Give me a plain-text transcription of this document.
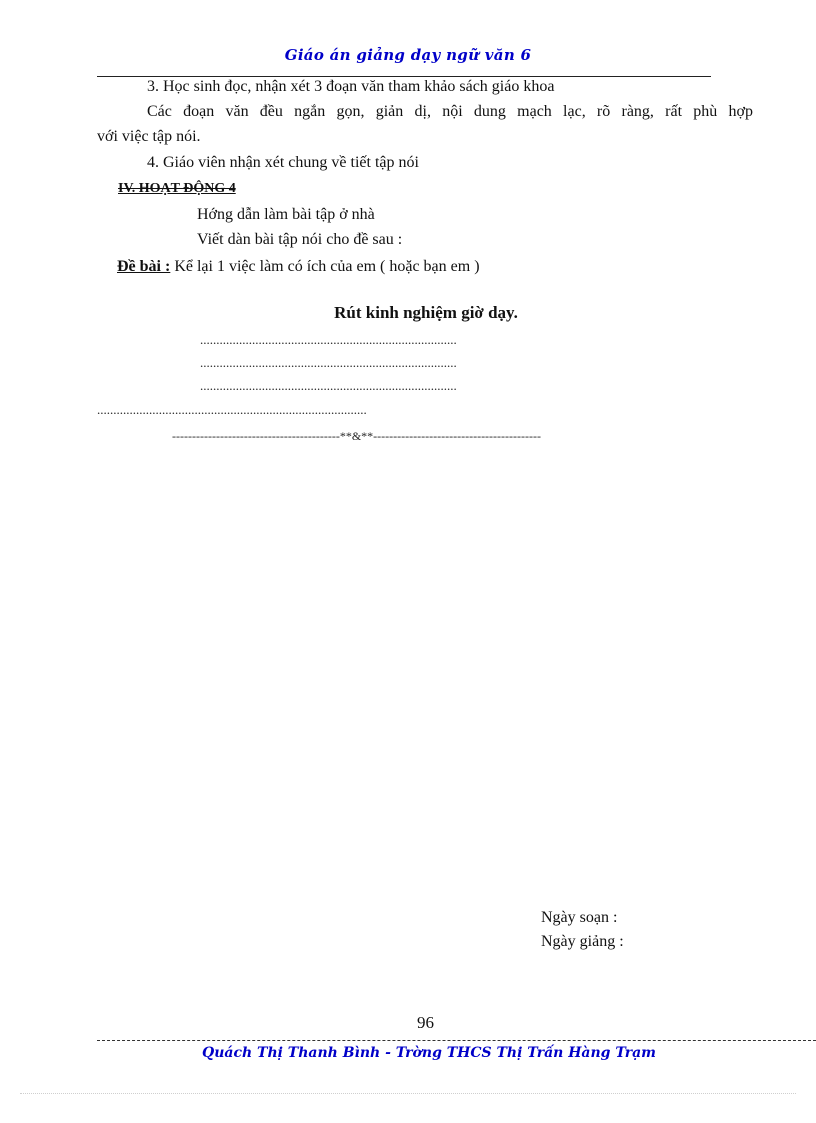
Giáo án giảng dạy ngữ văn 6
3. Học sinh đọc, nhận xét 3 đoạn văn tham khảo sách giáo khoa
Các đoạn văn đều ngắn gọn, giản dị, nội dung mạch lạc, rõ ràng, rất phù hợp
với việc tập nói.
4. Giáo viên nhận xét chung về tiết tập nói
IV. HOẠT ĐỘNG 4
Hớng dẫn làm bài tập ở nhà
Viết dàn bài tập nói cho đề sau :
Đề bài : Kể lại 1 việc làm có ích của em ( hoặc bạn em )
Rút kinh nghiệm giờ dạy.
...............................................................................
...............................................................................
...............................................................................
...................................................................................
------------------------------------------**&**------------------------------------------
Ngày soạn :
Ngày giảng :
96
Quách Thị Thanh Bình - Trờng THCS Thị Trấn Hàng Trạm
